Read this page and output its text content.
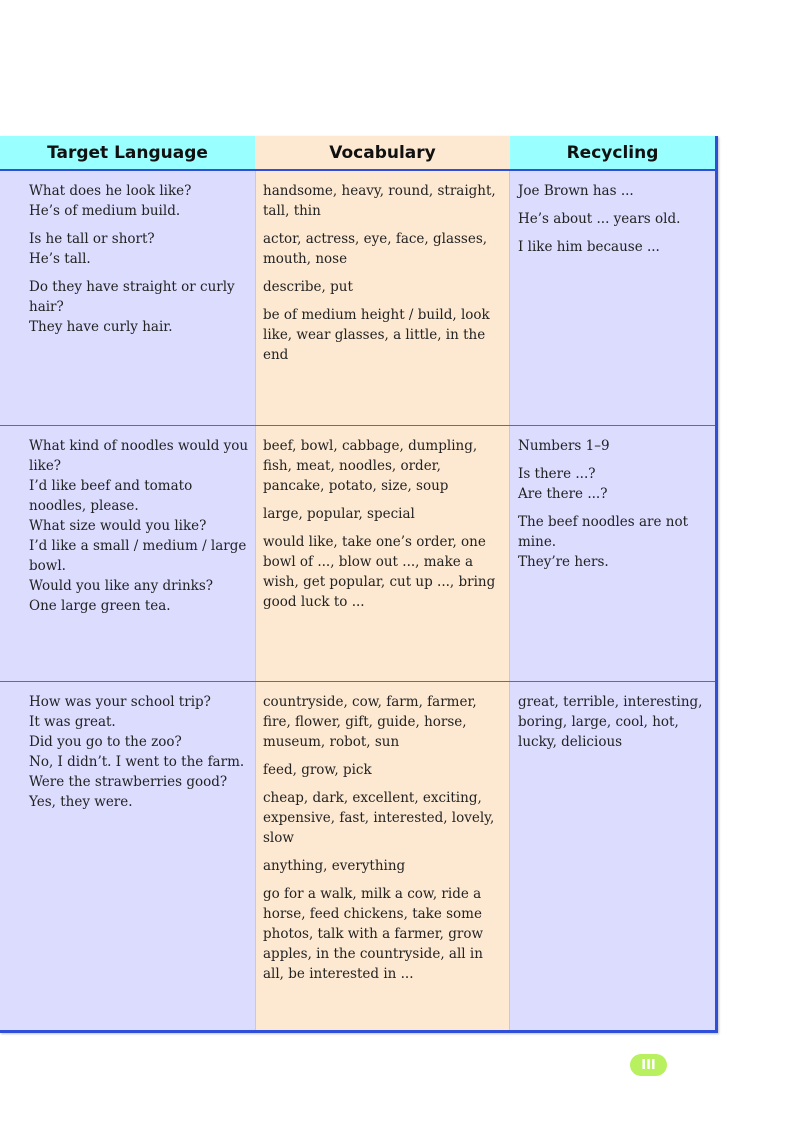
Target Language	Vocabulary	Recycling

What does he look like?
He’s of medium build.

Is he tall or short?
He’s tall.

Do they have straight or curly hair?
They have curly hair.

handsome, heavy, round, straight, tall, thin

actor, actress, eye, face, glasses, mouth, nose

describe, put

be of medium height / build, look like, wear glasses, a little, in the end

Joe Brown has ...

He’s about ... years old.

I like him because ...

What kind of noodles would you like?
I’d like beef and tomato noodles, please.
What size would you like?
I’d like a small / medium / large bowl.
Would you like any drinks?
One large green tea.

beef, bowl, cabbage, dumpling, fish, meat, noodles, order, pancake, potato, size, soup

large, popular, special

would like, take one’s order, one bowl of ..., blow out ..., make a wish, get popular, cut up ..., bring good luck to ...

Numbers 1–9

Is there ...?
Are there ...?

The beef noodles are not mine.
They’re hers.

How was your school trip?
It was great.
Did you go to the zoo?
No, I didn’t. I went to the farm.
Were the strawberries good?
Yes, they were.

countryside, cow, farm, farmer, fire, flower, gift, guide, horse, museum, robot, sun

feed, grow, pick

cheap, dark, excellent, exciting, expensive, fast, interested, lovely, slow

anything, everything

go for a walk, milk a cow, ride a horse, feed chickens, take some photos, talk with a farmer, grow apples, in the countryside, all in all, be interested in ...

great, terrible, interesting, boring, large, cool, hot, lucky, delicious

III
